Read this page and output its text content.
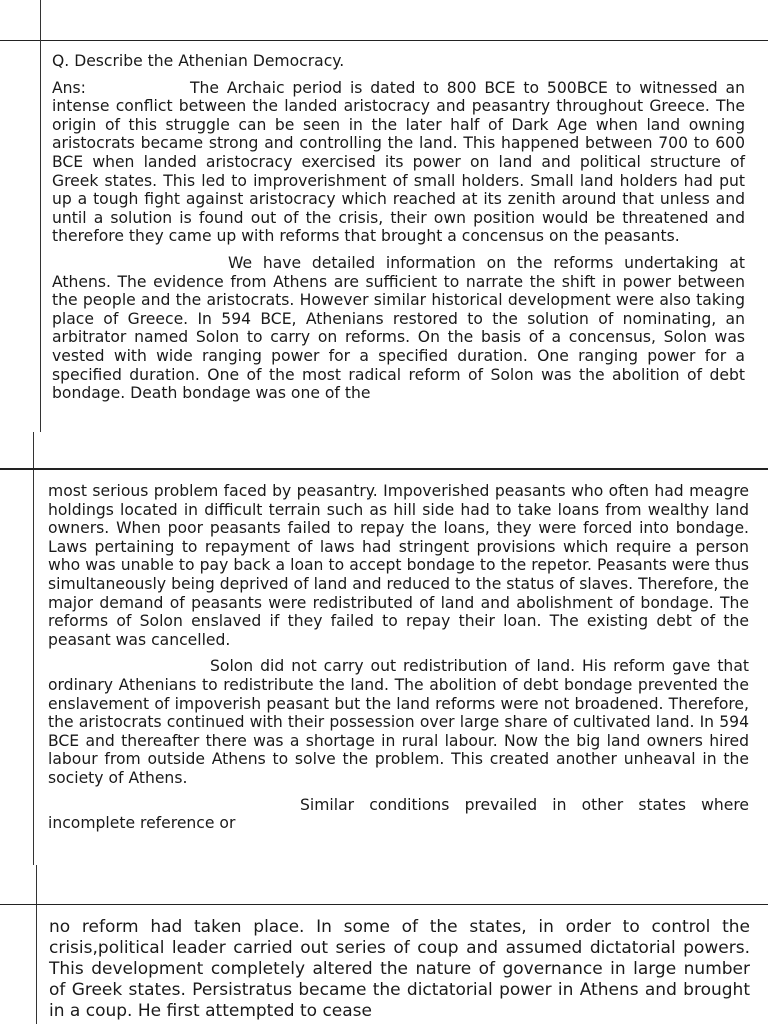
Q. Describe the Athenian Democracy.

Ans:	The Archaic period is dated to 800 BCE to 500BCE to witnessed an intense conflict between the landed aristocracy and peasantry throughout Greece. The origin of this struggle can be seen in the later half of Dark Age when land owning aristocrats became strong and controlling the land. This happened between 700 to 600 BCE when landed aristocracy exercised its power on land and political structure of Greek states. This led to improverishment of small holders. Small land holders had put up a tough fight against aristocracy which reached at its zenith around that unless and until a solution is found out of the crisis, their own position would be threatened and therefore they came up with reforms that brought a concensus on the peasants.

We have detailed information on the reforms undertaking at Athens. The evidence from Athens are sufficient to narrate the shift in power between the people and the aristocrats. However similar historical development were also taking place of Greece. In 594 BCE, Athenians restored to the solution of nominating, an arbitrator named Solon to carry on reforms. On the basis of a concensus, Solon was vested with wide ranging power for a specified duration. One ranging power for a specified duration. One of the most radical reform of Solon was the abolition of debt bondage. Death bondage was one of the

most serious problem faced by peasantry. Impoverished peasants who often had meagre holdings located in difficult terrain such as hill side had to take loans from wealthy land owners. When poor peasants failed to repay the loans, they were forced into bondage. Laws pertaining to repayment of laws had stringent provisions which require a person who was unable to pay back a loan to accept bondage to the repetor. Peasants were thus simultaneously being deprived of land and reduced to the status of slaves. Therefore, the major demand of peasants were redistributed of land and abolishment of bondage. The reforms of Solon enslaved if they failed to repay their loan. The existing debt of the peasant was cancelled.

Solon did not carry out redistribution of land. His reform gave that ordinary Athenians to redistribute the land. The abolition of debt bondage prevented the enslavement of impoverish peasant but the land reforms were not broadened. Therefore, the aristocrats continued with their possession over large share of cultivated land. In 594 BCE and thereafter there was a shortage in rural labour. Now the big land owners hired labour from outside Athens to solve the problem. This created another unheaval in the society of Athens.

Similar conditions prevailed in other states where incomplete reference or

no reform had taken place. In some of the states, in order to control the crisis,political leader carried out series of coup and assumed dictatorial powers. This development completely altered the nature of governance in large number of Greek states. Persistratus became the dictatorial power in Athens and brought in a coup. He first attempted to cease
